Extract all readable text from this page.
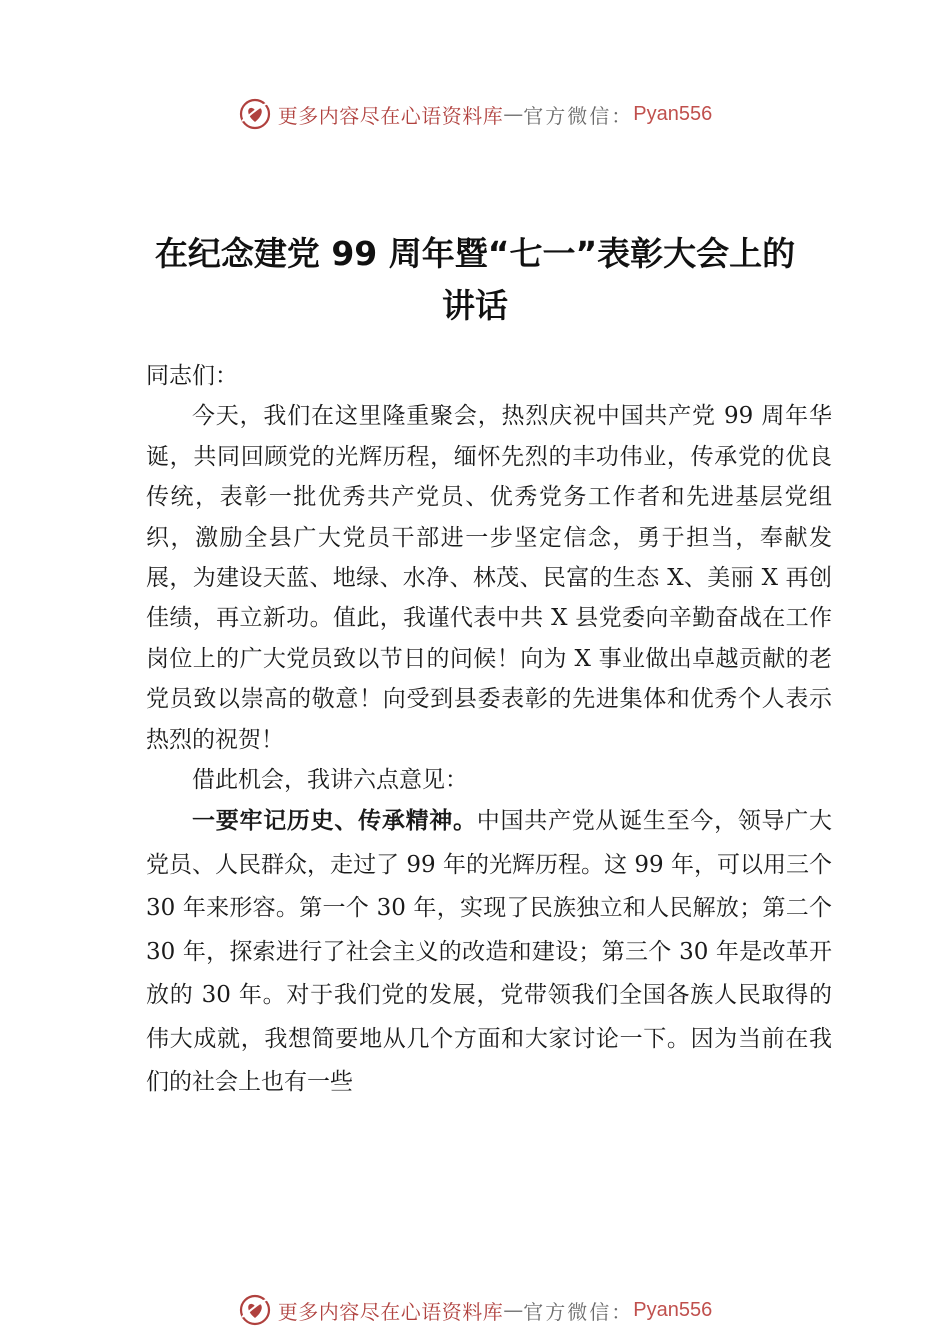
更多内容尽在心语资料库 — 官方微信： Pyan556
在纪念建党 99 周年暨“七一”表彰大会上的
讲话

同志们：

今天，我们在这里隆重聚会，热烈庆祝中国共产党 99 周年华诞，共同回顾党的光辉历程，缅怀先烈的丰功伟业，传承党的优良传统，表彰一批优秀共产党员、优秀党务工作者和先进基层党组织，激励全县广大党员干部进一步坚定信念，勇于担当，奉献发展，为建设天蓝、地绿、水净、林茂、民富的生态 X、美丽 X 再创佳绩，再立新功。值此，我谨代表中共 X 县党委向辛勤奋战在工作岗位上的广大党员致以节日的问候！向为 X 事业做出卓越贡献的老党员致以崇高的敬意！向受到县委表彰的先进集体和优秀个人表示热烈的祝贺！

借此机会，我讲六点意见：

一要牢记历史、传承精神。中国共产党从诞生至今，领导广大党员、人民群众，走过了 99 年的光辉历程。这 99 年，可以用三个 30 年来形容。第一个 30 年，实现了民族独立和人民解放；第二个 30 年，探索进行了社会主义的改造和建设；第三个 30 年是改革开放的 30 年。对于我们党的发展，党带领我们全国各族人民取得的伟大成就，我想简要地从几个方面和大家讨论一下。因为当前在我们的社会上也有一些

更多内容尽在心语资料库 — 官方微信： Pyan556
